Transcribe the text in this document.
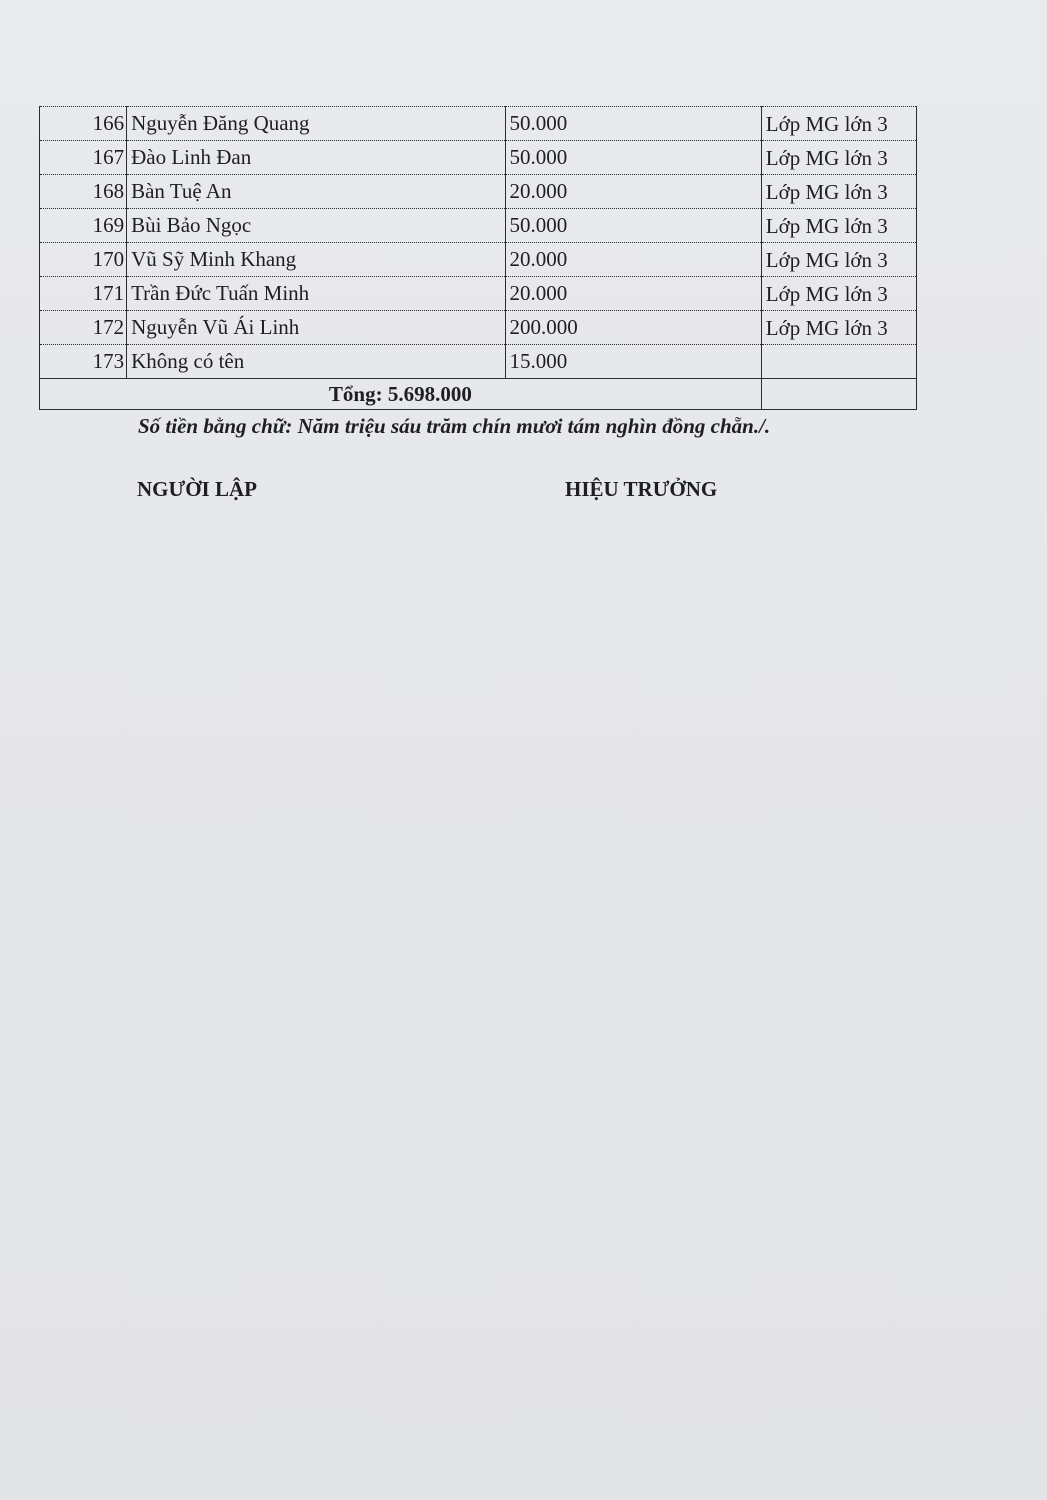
166	Nguyễn Đăng Quang	50.000	Lớp MG lớn 3
167	Đào Linh Đan	50.000	Lớp MG lớn 3
168	Bàn Tuệ An	20.000	Lớp MG lớn 3
169	Bùi Bảo Ngọc	50.000	Lớp MG lớn 3
170	Vũ Sỹ Minh Khang	20.000	Lớp MG lớn 3
171	Trần Đức Tuấn Minh	20.000	Lớp MG lớn 3
172	Nguyễn Vũ Ái Linh	200.000	Lớp MG lớn 3
173	Không có tên	15.000	
Tổng: 5.698.000			
Số tiền bằng chữ: Năm triệu sáu trăm chín mươi tám nghìn đồng chẵn./.
NGƯỜI LẬP	HIỆU TRƯỞNG
